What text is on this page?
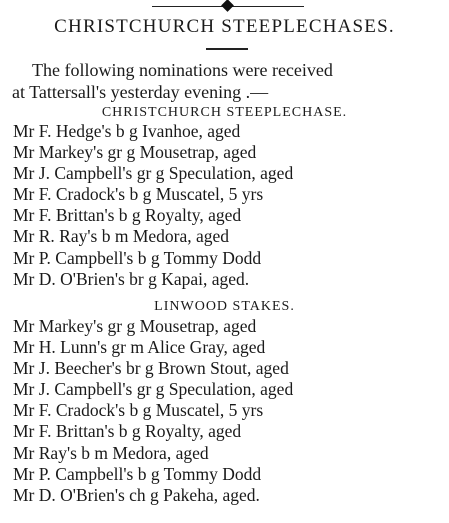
CHRISTCHURCH STEEPLECHASES.
The following nominations were received
at Tattersall's yesterday evening .—
CHRISTCHURCH STEEPLECHASE.
Mr F. Hedge's b g Ivanhoe, aged
Mr Markey's gr g Mousetrap, aged
Mr J. Campbell's gr g Speculation, aged
Mr F. Cradock's b g Muscatel, 5 yrs
Mr F. Brittan's b g Royalty, aged
Mr R. Ray's b m Medora, aged
Mr P. Campbell's b g Tommy Dodd
Mr D. O'Brien's br g Kapai, aged.
LINWOOD STAKES.
Mr Markey's gr g Mousetrap, aged
Mr H. Lunn's gr m Alice Gray, aged
Mr J. Beecher's br g Brown Stout, aged
Mr J. Campbell's gr g Speculation, aged
Mr F. Cradock's b g Muscatel, 5 yrs
Mr F. Brittan's b g Royalty, aged
Mr Ray's b m Medora, aged
Mr P. Campbell's b g Tommy Dodd
Mr D. O'Brien's ch g Pakeha, aged.
